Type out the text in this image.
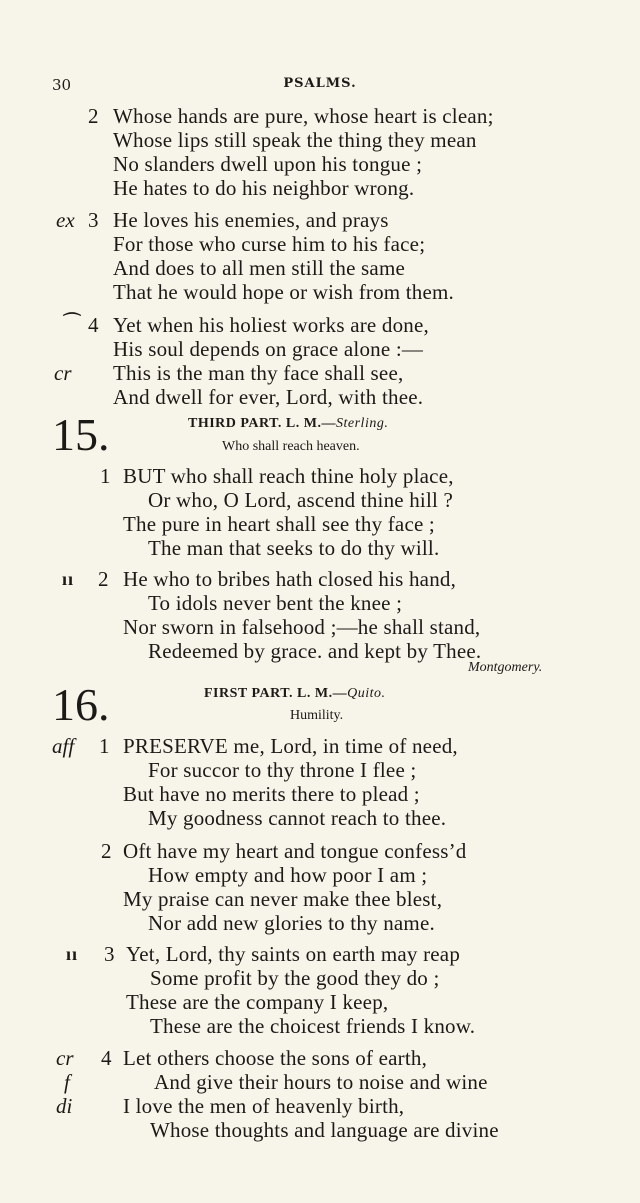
30	PSALMS.
2 Whose hands are pure, whose heart is clean;
Whose lips still speak the thing they mean
No slanders dwell upon his tongue ;
He hates to do his neighbor wrong.
ex 3 He loves his enemies, and prays
For those who curse him to his face;
And does to all men still the same
That he would hope or wish from them.
⌒ 4 Yet when his holiest works are done,
His soul depends on grace alone :—
cr This is the man thy face shall see,
And dwell for ever, Lord, with thee.
15.	THIRD PART. L. M.—Sterling.
Who shall reach heaven.
1 BUT who shall reach thine holy place,
Or who, O Lord, ascend thine hill ?
The pure in heart shall see thy face ;
The man that seeks to do thy will.
ıı 2 He who to bribes hath closed his hand,
To idols never bent the knee ;
Nor sworn in falsehood ;—he shall stand,
Redeemed by grace. and kept by Thee.
Montgomery.
16.	FIRST PART. L. M.—Quito.
Humility.
aff 1 PRESERVE me, Lord, in time of need,
For succor to thy throne I flee ;
But have no merits there to plead ;
My goodness cannot reach to thee.
2 Oft have my heart and tongue confess’d
How empty and how poor I am ;
My praise can never make thee blest,
Nor add new glories to thy name.
ıı 3 Yet, Lord, thy saints on earth may reap
Some profit by the good they do ;
These are the company I keep,
These are the choicest friends I know.
cr 4 Let others choose the sons of earth,
f	And give their hours to noise and wine
di I love the men of heavenly birth,
Whose thoughts and language are divine
